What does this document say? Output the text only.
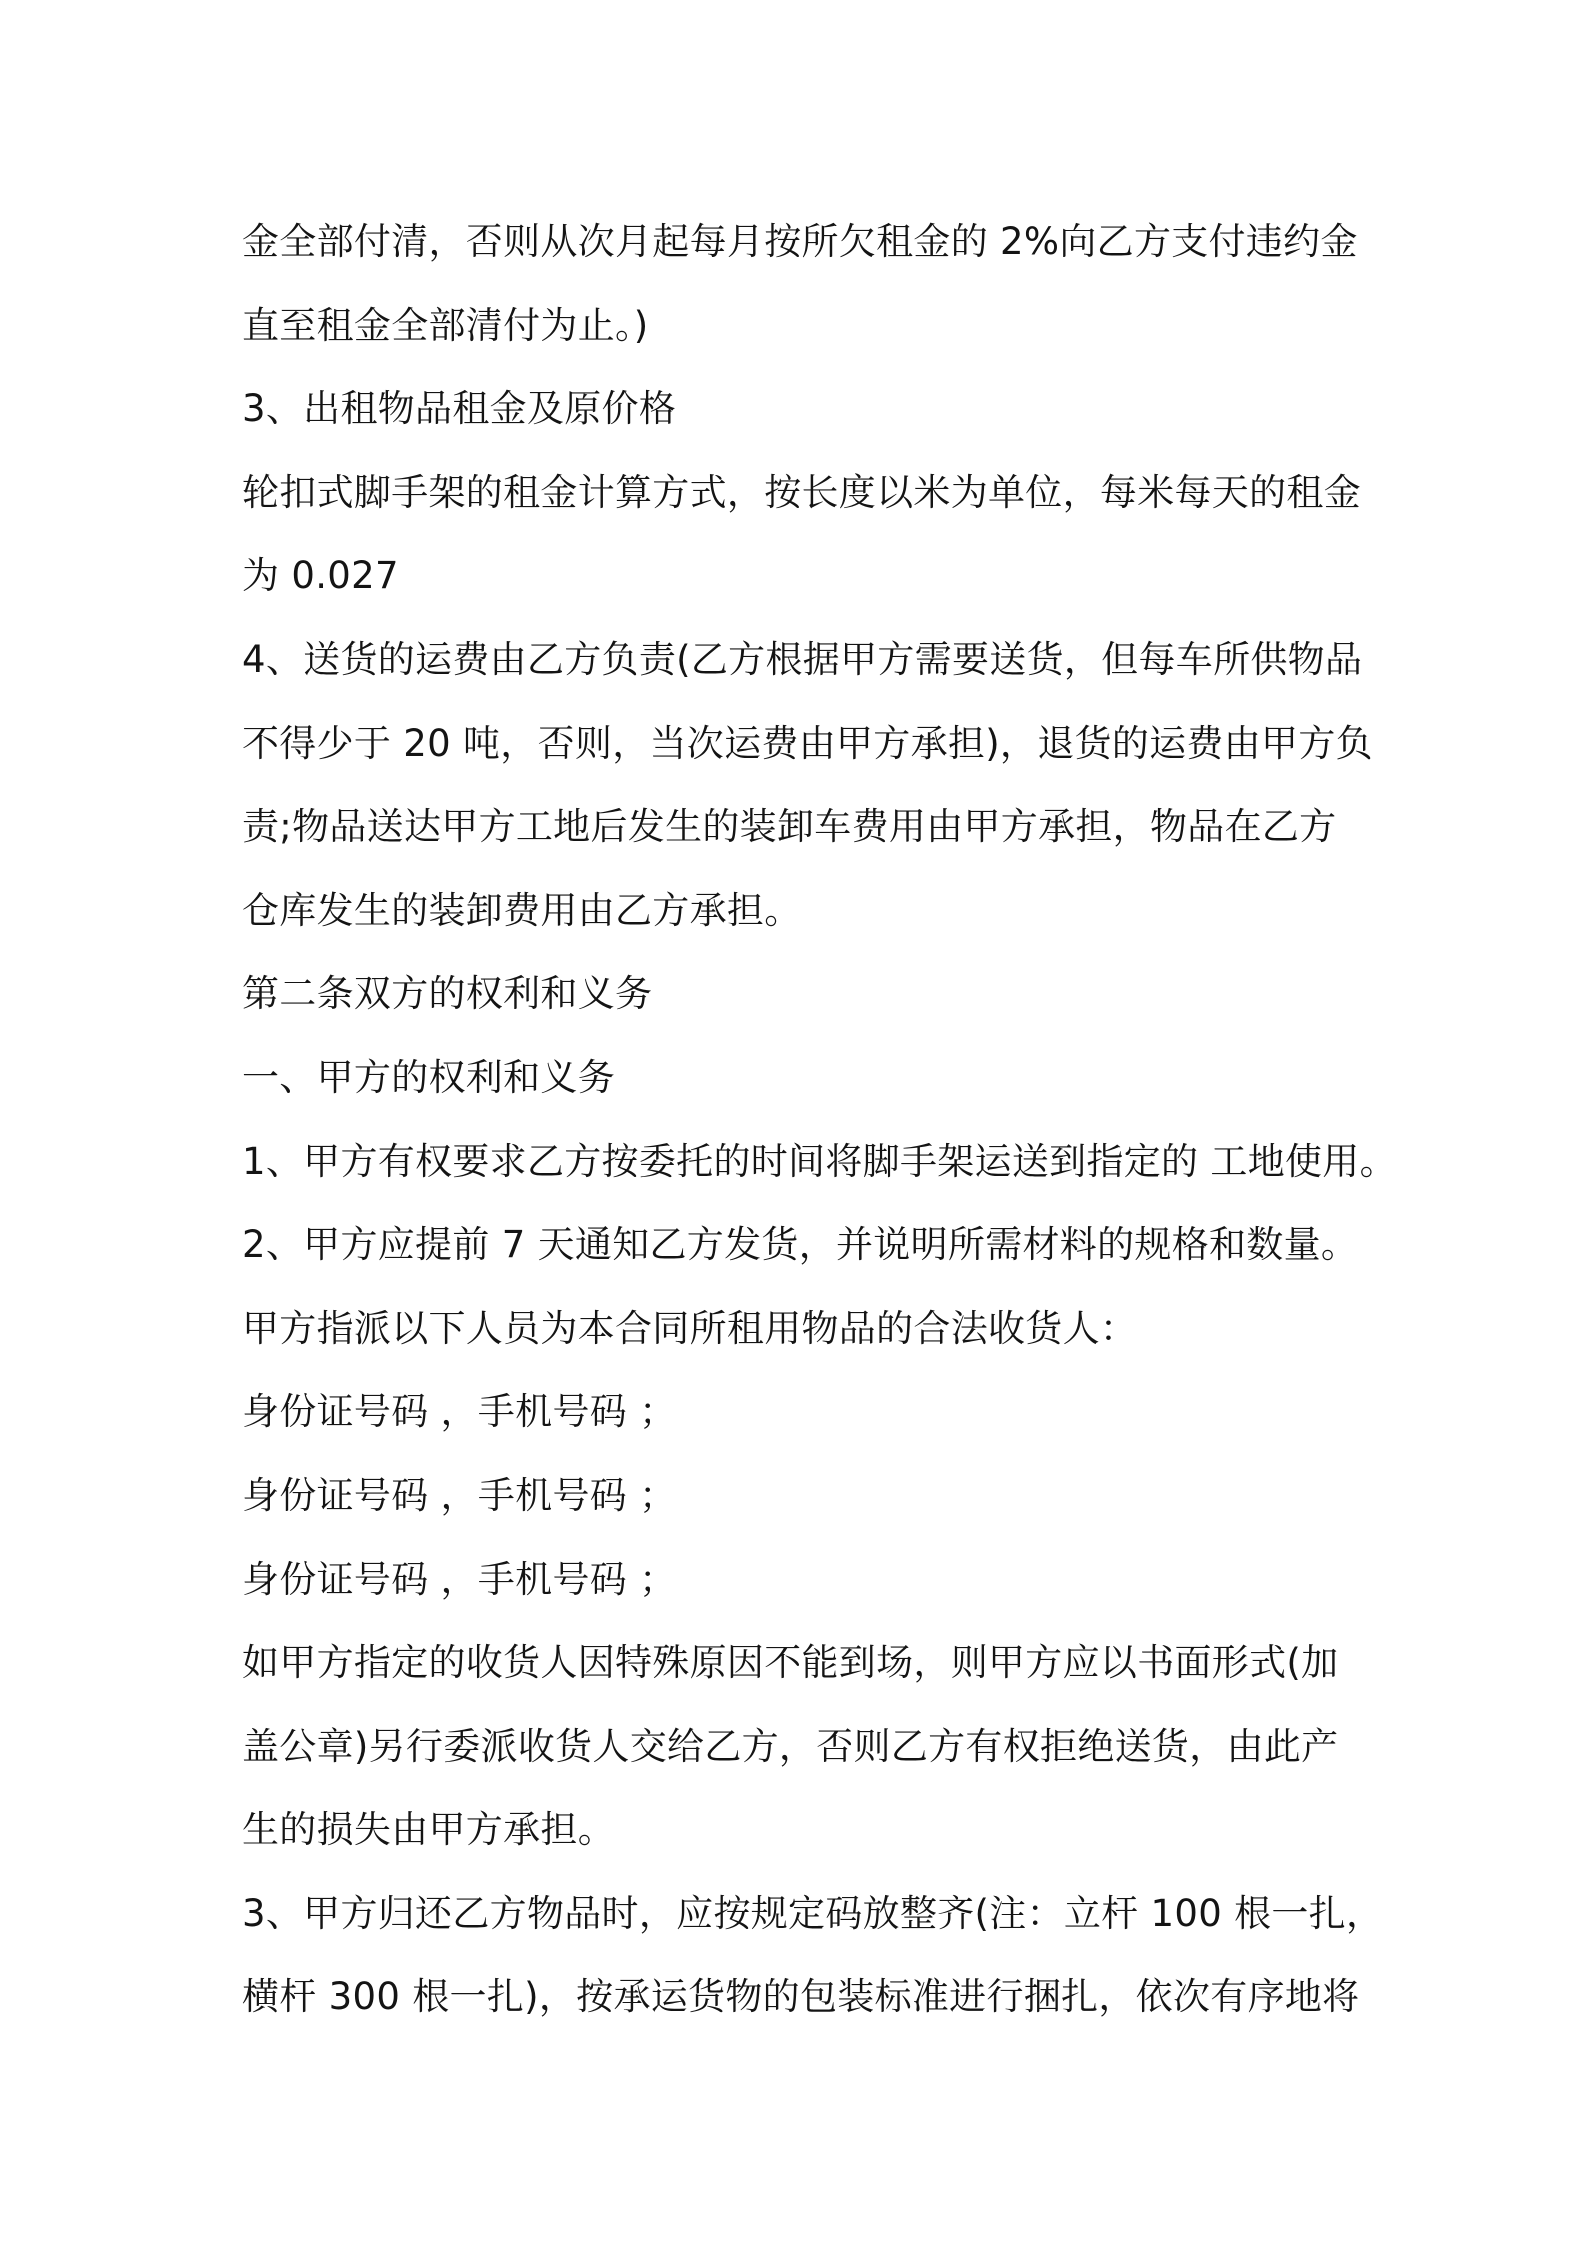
金全部付清，否则从次月起每月按所欠租金的 2%向乙方支付违约金
直至租金全部清付为止。)
3、出租物品租金及原价格
轮扣式脚手架的租金计算方式，按长度以米为单位，每米每天的租金
为 0.027
4、送货的运费由乙方负责(乙方根据甲方需要送货，但每车所供物品
不得少于 20 吨，否则，当次运费由甲方承担)，退货的运费由甲方负
责;物品送达甲方工地后发生的装卸车费用由甲方承担，物品在乙方
仓库发生的装卸费用由乙方承担。
第二条双方的权利和义务
一、甲方的权利和义务
1、甲方有权要求乙方按委托的时间将脚手架运送到指定的 工地使用。
2、甲方应提前 7 天通知乙方发货，并说明所需材料的规格和数量。
甲方指派以下人员为本合同所租用物品的合法收货人：
身份证号码 ，手机号码 ；
身份证号码 ，手机号码 ；
身份证号码 ，手机号码 ；
如甲方指定的收货人因特殊原因不能到场，则甲方应以书面形式(加
盖公章)另行委派收货人交给乙方，否则乙方有权拒绝送货，由此产
生的损失由甲方承担。
3、甲方归还乙方物品时，应按规定码放整齐(注：立杆 100 根一扎，
横杆 300 根一扎)，按承运货物的包装标准进行捆扎，依次有序地将
